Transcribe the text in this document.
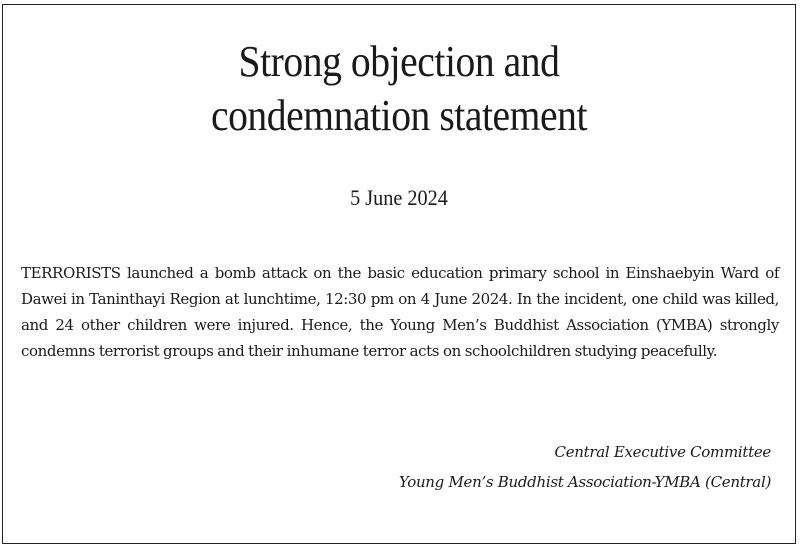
Strong objection and
condemnation statement
5 June 2024

TERRORISTS launched a bomb attack on the basic education primary school in Einshaebyin Ward of Dawei in Taninthayi Region at lunchtime, 12:30 pm on 4 June 2024. In the incident, one child was killed, and 24 other children were injured. Hence, the Young Men’s Buddhist Association (YMBA) strongly condemns terrorist groups and their inhumane terror acts on schoolchildren studying peacefully.

Central Executive Committee
Young Men’s Buddhist Association-YMBA (Central)
